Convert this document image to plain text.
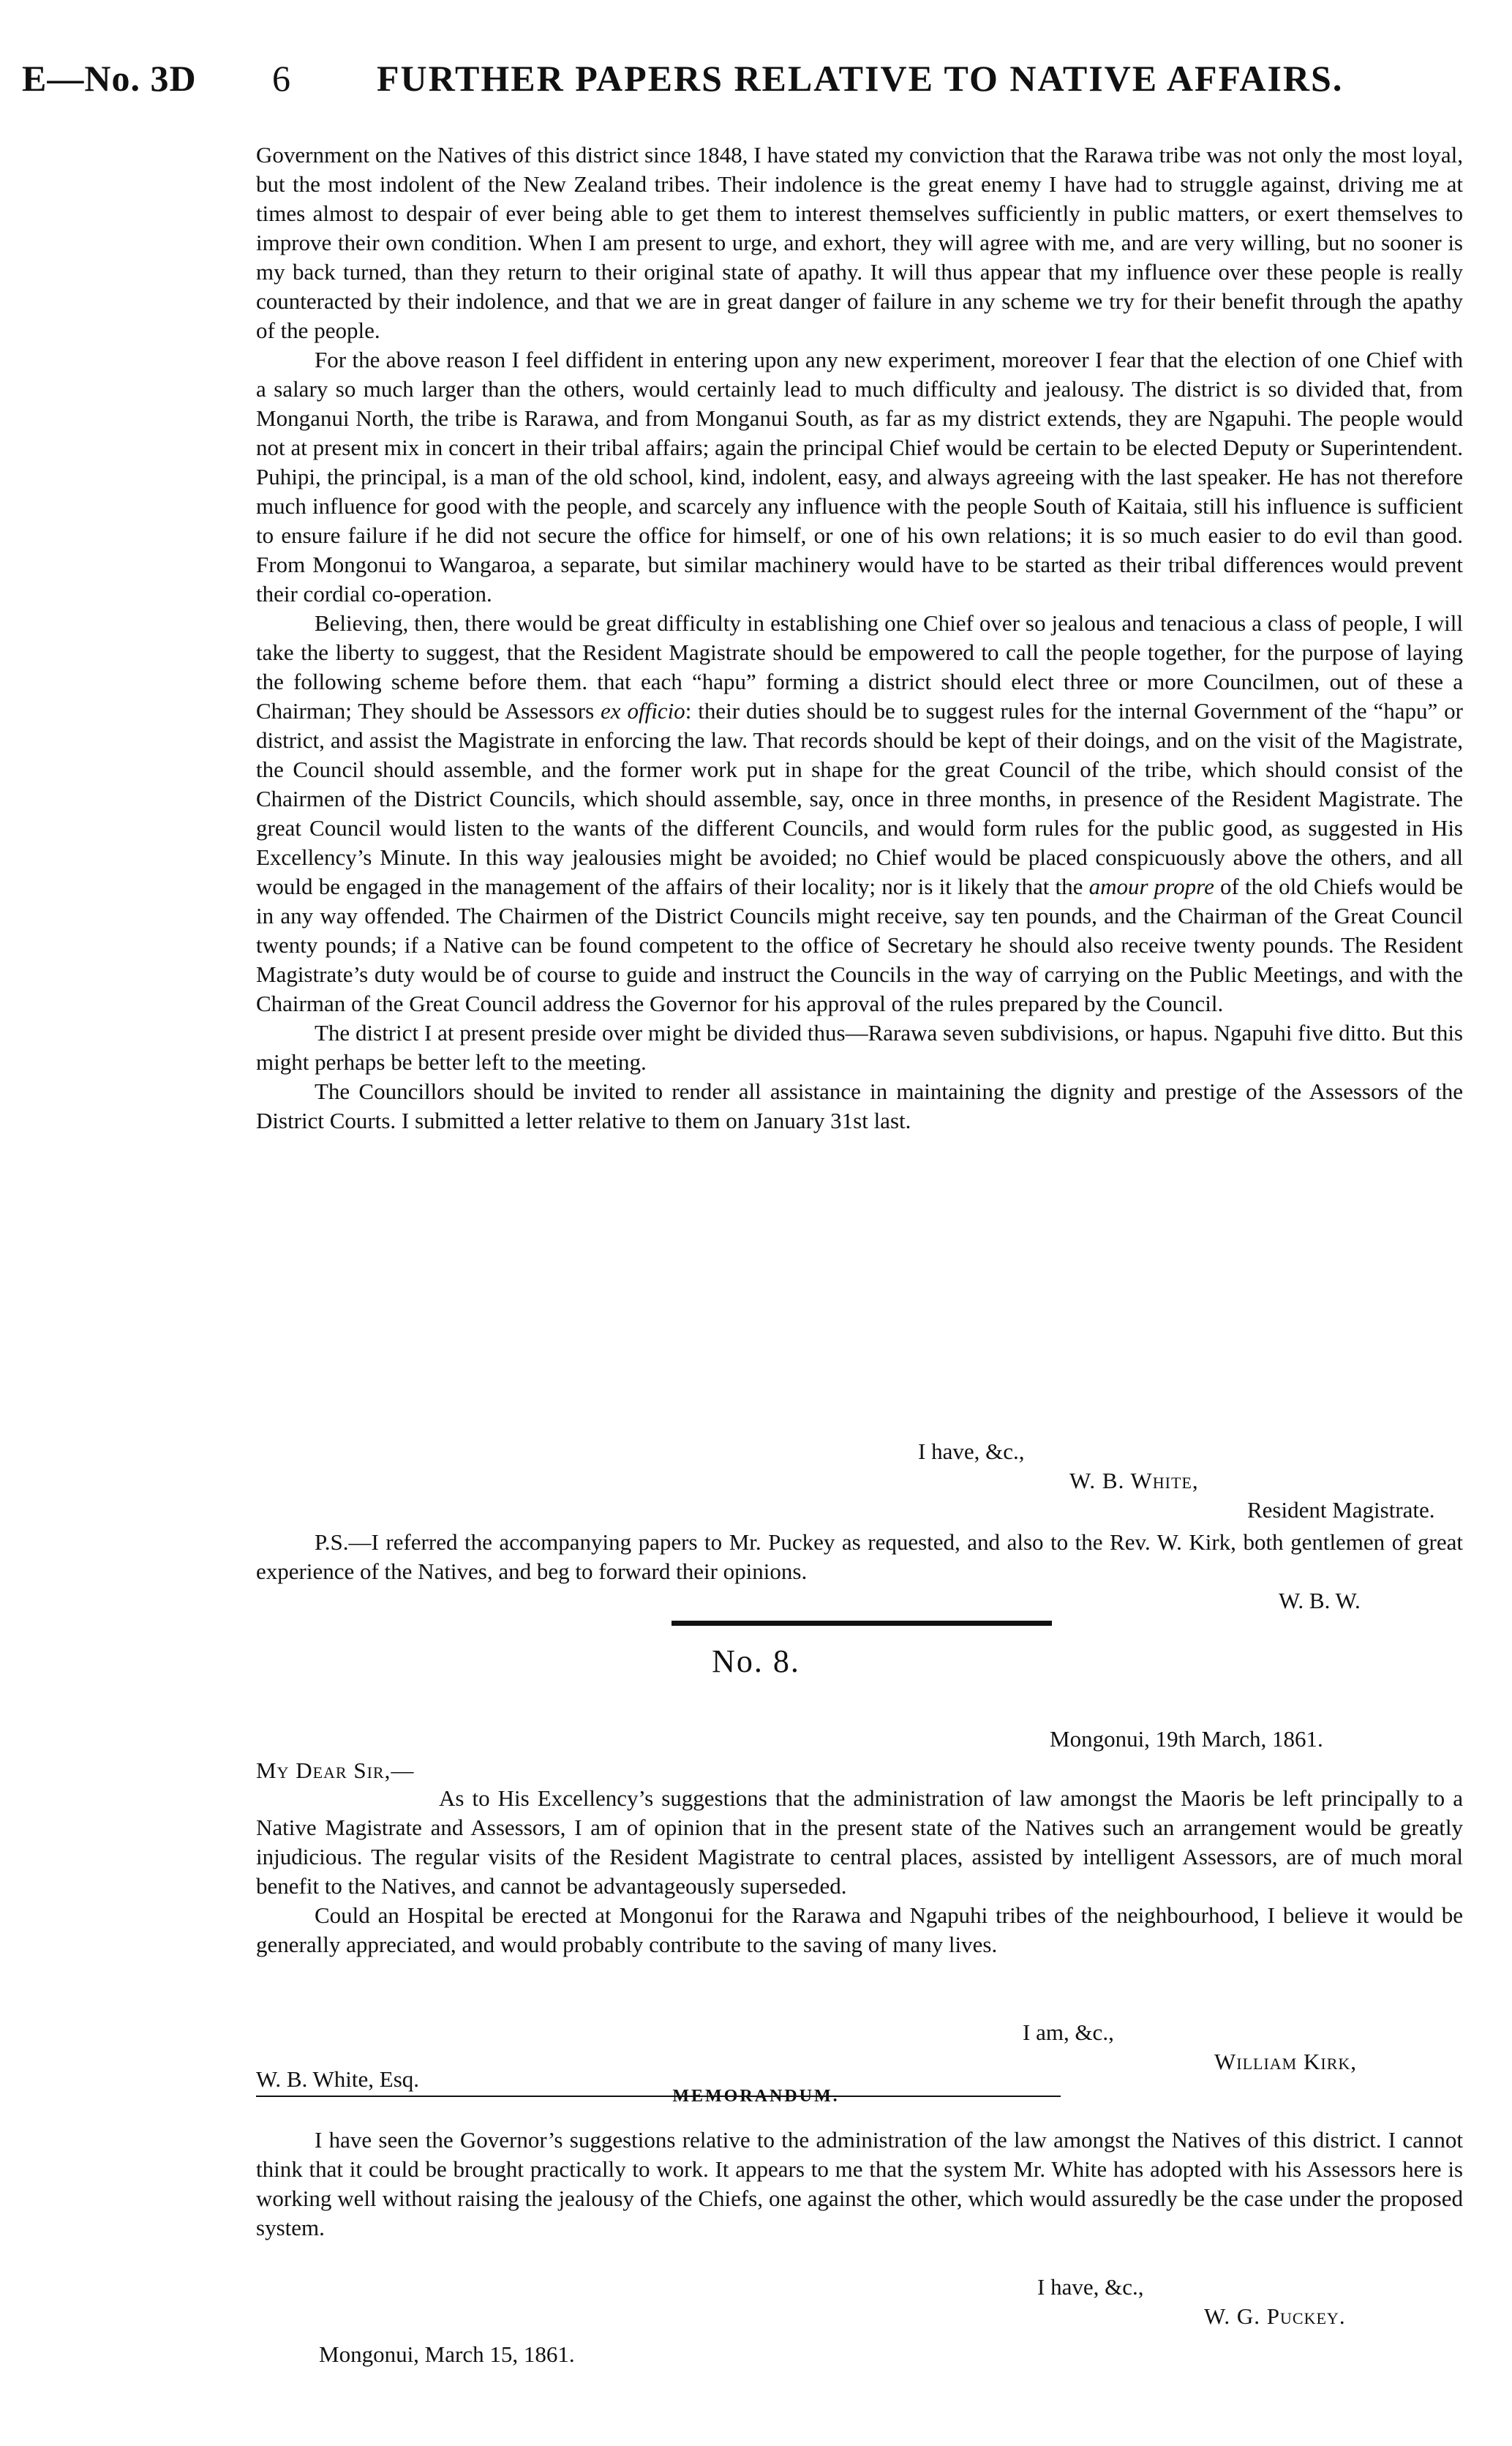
E—No. 3D 6 FURTHER PAPERS RELATIVE TO NATIVE AFFAIRS.

Government on the Natives of this district since 1848, I have stated my conviction that the Rarawa tribe was not only the most loyal, but the most indolent of the New Zealand tribes. Their indolence is the great enemy I have had to struggle against, driving me at times almost to despair of ever being able to get them to interest themselves sufficiently in public matters, or exert themselves to improve their own condition. When I am present to urge, and exhort, they will agree with me, and are very willing, but no sooner is my back turned, than they return to their original state of apathy. It will thus appear that my influence over these people is really counteracted by their indolence, and that we are in great danger of failure in any scheme we try for their benefit through the apathy of the people.

For the above reason I feel diffident in entering upon any new experiment, moreover I fear that the election of one Chief with a salary so much larger than the others, would certainly lead to much difficulty and jealousy. The district is so divided that, from Monganui North, the tribe is Rarawa, and from Monganui South, as far as my district extends, they are Ngapuhi. The people would not at present mix in concert in their tribal affairs; again the principal Chief would be certain to be elected Deputy or Superintendent. Puhipi, the principal, is a man of the old school, kind, indolent, easy, and always agreeing with the last speaker. He has not therefore much influence for good with the people, and scarcely any influence with the people South of Kaitaia, still his influence is sufficient to ensure failure if he did not secure the office for himself, or one of his own relations; it is so much easier to do evil than good. From Mongonui to Wangaroa, a separate, but similar machinery would have to be started as their tribal differences would prevent their cordial co-operation.

Believing, then, there would be great difficulty in establishing one Chief over so jealous and tenacious a class of people, I will take the liberty to suggest, that the Resident Magistrate should be empowered to call the people together, for the purpose of laying the following scheme before them. that each “hapu” forming a district should elect three or more Councilmen, out of these a Chairman; They should be Assessors ex officio: their duties should be to suggest rules for the internal Government of the “hapu” or district, and assist the Magistrate in enforcing the law. That records should be kept of their doings, and on the visit of the Magistrate, the Council should assemble, and the former work put in shape for the great Council of the tribe, which should consist of the Chairmen of the District Councils, which should assemble, say, once in three months, in presence of the Resident Magistrate. The great Council would listen to the wants of the different Councils, and would form rules for the public good, as suggested in His Excellency’s Minute. In this way jealousies might be avoided; no Chief would be placed conspicuously above the others, and all would be engaged in the management of the affairs of their locality; nor is it likely that the amour propre of the old Chiefs would be in any way offended. The Chairmen of the District Councils might receive, say ten pounds, and the Chairman of the Great Council twenty pounds; if a Native can be found competent to the office of Secretary he should also receive twenty pounds. The Resident Magistrate’s duty would be of course to guide and instruct the Councils in the way of carrying on the Public Meetings, and with the Chairman of the Great Council address the Governor for his approval of the rules prepared by the Council.

The district I at present preside over might be divided thus—Rarawa seven subdivisions, or hapus. Ngapuhi five ditto. But this might perhaps be better left to the meeting.

The Councillors should be invited to render all assistance in maintaining the dignity and prestige of the Assessors of the District Courts. I submitted a letter relative to them on January 31st last.

I have, &c.,
W. B. White,
Resident Magistrate.

P.S.—I referred the accompanying papers to Mr. Puckey as requested, and also to the Rev. W. Kirk, both gentlemen of great experience of the Natives, and beg to forward their opinions.

W. B. W.
No. 8.
Mongonui, 19th March, 1861.
My Dear Sir,—

As to His Excellency’s suggestions that the administration of law amongst the Maoris be left principally to a Native Magistrate and Assessors, I am of opinion that in the present state of the Natives such an arrangement would be greatly injudicious. The regular visits of the Resident Magistrate to central places, assisted by intelligent Assessors, are of much moral benefit to the Natives, and cannot be advantageously superseded.

Could an Hospital be erected at Mongonui for the Rarawa and Ngapuhi tribes of the neighbourhood, I believe it would be generally appreciated, and would probably contribute to the saving of many lives.

I am, &c.,
William Kirk,
W. B. White, Esq.
MEMORANDUM.

I have seen the Governor’s suggestions relative to the administration of the law amongst the Natives of this district. I cannot think that it could be brought practically to work. It appears to me that the system Mr. White has adopted with his Assessors here is working well without raising the jealousy of the Chiefs, one against the other, which would assuredly be the case under the proposed system.

I have, &c.,
W. G. Puckey.
Mongonui, March 15, 1861.
